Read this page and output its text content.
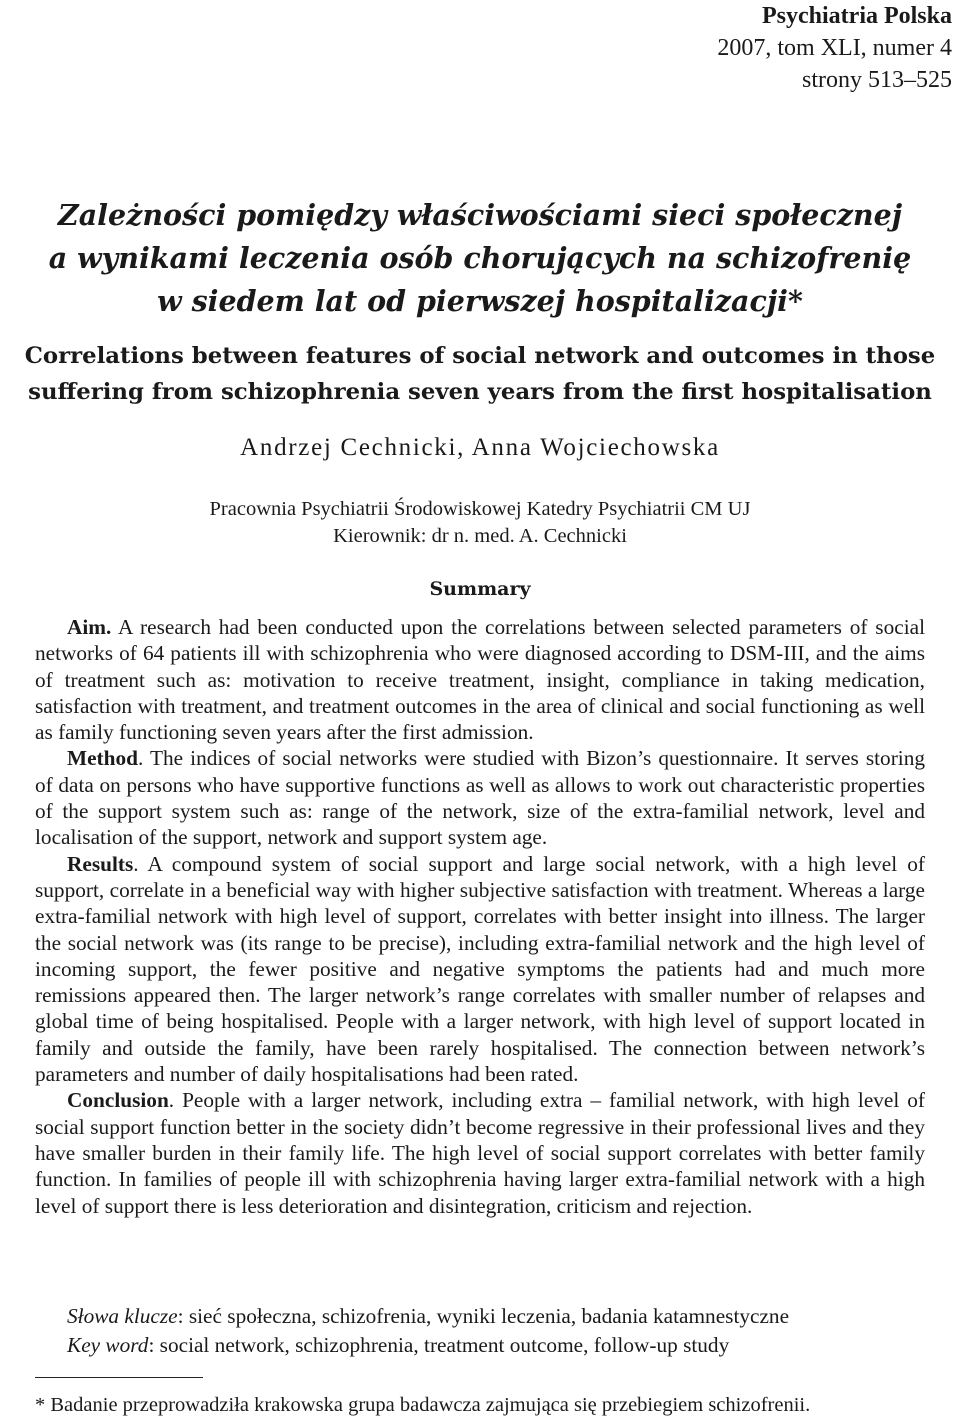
Psychiatria Polska
2007, tom XLI, numer 4
strony 513–525
Zależności pomiędzy właściwościami sieci społecznej
a wynikami leczenia osób chorujących na schizofrenię
w siedem lat od pierwszej hospitalizacji*
Correlations between features of social network and outcomes in those
suffering from schizophrenia seven years from the first hospitalisation
Andrzej Cechnicki, Anna Wojciechowska
Pracownia Psychiatrii Środowiskowej Katedry Psychiatrii CM UJ
Kierownik: dr n. med. A. Cechnicki
Summary

Aim. A research had been conducted upon the correlations between selected parameters of social networks of 64 patients ill with schizophrenia who were diagnosed according to DSM-III, and the aims of treatment such as: motivation to receive treatment, insight, compliance in taking medication, satisfaction with treatment, and treatment outcomes in the area of clinical and social functioning as well as family functioning seven years after the first admission.

Method. The indices of social networks were studied with Bizon’s questionnaire. It serves storing of data on persons who have supportive functions as well as allows to work out characteristic properties of the support system such as: range of the network, size of the extra-familial network, level and localisation of the support, network and support system age.

Results. A compound system of social support and large social network, with a high level of support, correlate in a beneficial way with higher subjective satisfaction with treatment. Whereas a large extra-familial network with high level of support, correlates with better insight into illness. The larger the social network was (its range to be precise), including extra-familial network and the high level of incoming support, the fewer positive and negative symptoms the patients had and much more remissions appeared then. The larger network’s range correlates with smaller number of relapses and global time of being hospitalised. People with a larger network, with high level of support located in family and outside the family, have been rarely hospitalised. The connection between network’s parameters and number of daily hospitalisations had been rated.

Conclusion. People with a larger network, including extra – familial network, with high level of social support function better in the society didn’t become regressive in their professional lives and they have smaller burden in their family life. The high level of social support correlates with better family function. In families of people ill with schizophrenia having larger extra-familial network with a high level of support there is less deterioration and disintegration, criticism and rejection.

Słowa klucze: sieć społeczna, schizofrenia, wyniki leczenia, badania katamnestyczne

Key word: social network, schizophrenia, treatment outcome, follow-up study

* Badanie przeprowadziła krakowska grupa badawcza zajmująca się przebiegiem schizofrenii.
